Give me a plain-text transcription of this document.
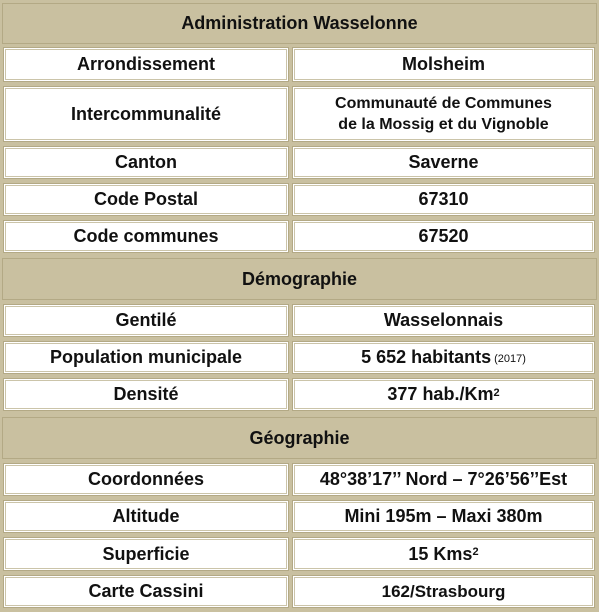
Administration Wasselonne
Arrondissement	Molsheim
Intercommunalité	Communauté de Communes
de la Mossig et du Vignoble
Canton	Saverne
Code Postal	67310
Code communes	67520
Démographie
Gentilé	Wasselonnais
Population municipale	5 652 habitants (2017)
Densité	377 hab./Km$^2$
Géographie
Coordonnées	48°38’17’’ Nord – 7°26’56’’Est
Altitude	Mini 195m – Maxi 380m
Superficie	15 Kms$^2$
Carte Cassini	162/Strasbourg
